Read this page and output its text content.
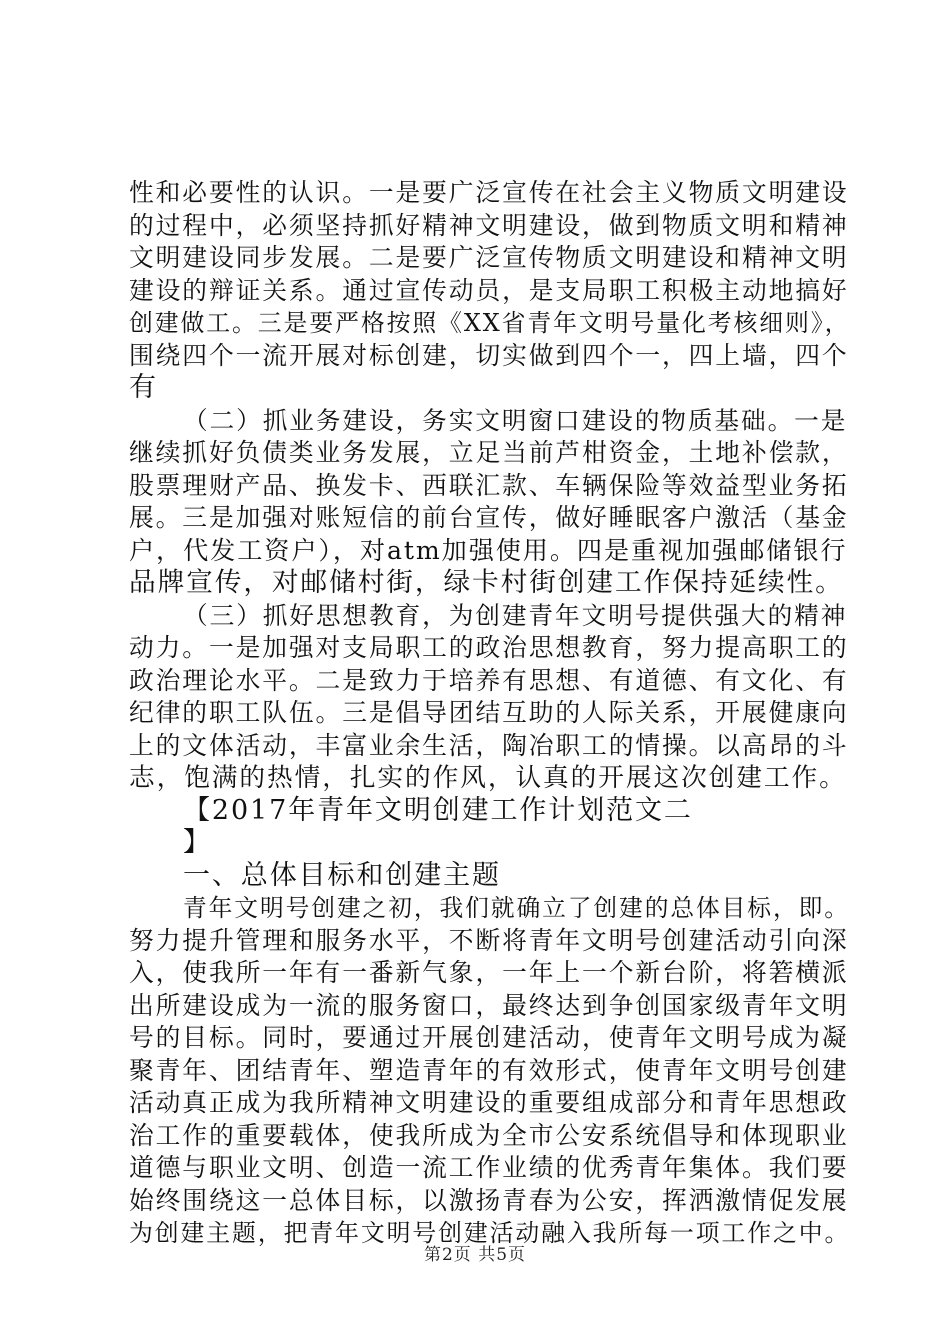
性和必要性的认识。一是要广泛宣传在社会主义物质文明建设
的过程中，必须坚持抓好精神文明建设，做到物质文明和精神
文明建设同步发展。二是要广泛宣传物质文明建设和精神文明
建设的辩证关系。通过宣传动员，是支局职工积极主动地搞好
创建做工。三是要严格按照《XX省青年文明号量化考核细则》，
围绕四个一流开展对标创建，切实做到四个一，四上墙，四个
有
（二）抓业务建设，务实文明窗口建设的物质基础。一是
继续抓好负债类业务发展，立足当前芦柑资金，土地补偿款，
股票理财产品、换发卡、西联汇款、车辆保险等效益型业务拓
展。三是加强对账短信的前台宣传，做好睡眠客户激活（基金
户，代发工资户），对atm加强使用。四是重视加强邮储银行
品牌宣传，对邮储村街，绿卡村街创建工作保持延续性。
（三）抓好思想教育，为创建青年文明号提供强大的精神
动力。一是加强对支局职工的政治思想教育，努力提高职工的
政治理论水平。二是致力于培养有思想、有道德、有文化、有
纪律的职工队伍。三是倡导团结互助的人际关系，开展健康向
上的文体活动，丰富业余生活，陶冶职工的情操。以高昂的斗
志，饱满的热情，扎实的作风，认真的开展这次创建工作。
【2017年青年文明创建工作计划范文二
】
一、总体目标和创建主题
青年文明号创建之初，我们就确立了创建的总体目标，即。
努力提升管理和服务水平，不断将青年文明号创建活动引向深
入，使我所一年有一番新气象，一年上一个新台阶，将箬横派
出所建设成为一流的服务窗口，最终达到争创国家级青年文明
号的目标。同时，要通过开展创建活动，使青年文明号成为凝
聚青年、团结青年、塑造青年的有效形式，使青年文明号创建
活动真正成为我所精神文明建设的重要组成部分和青年思想政
治工作的重要载体，使我所成为全市公安系统倡导和体现职业
道德与职业文明、创造一流工作业绩的优秀青年集体。我们要
始终围绕这一总体目标，以激扬青春为公安，挥洒激情促发展
为创建主题，把青年文明号创建活动融入我所每一项工作之中。
第2页 共5页
